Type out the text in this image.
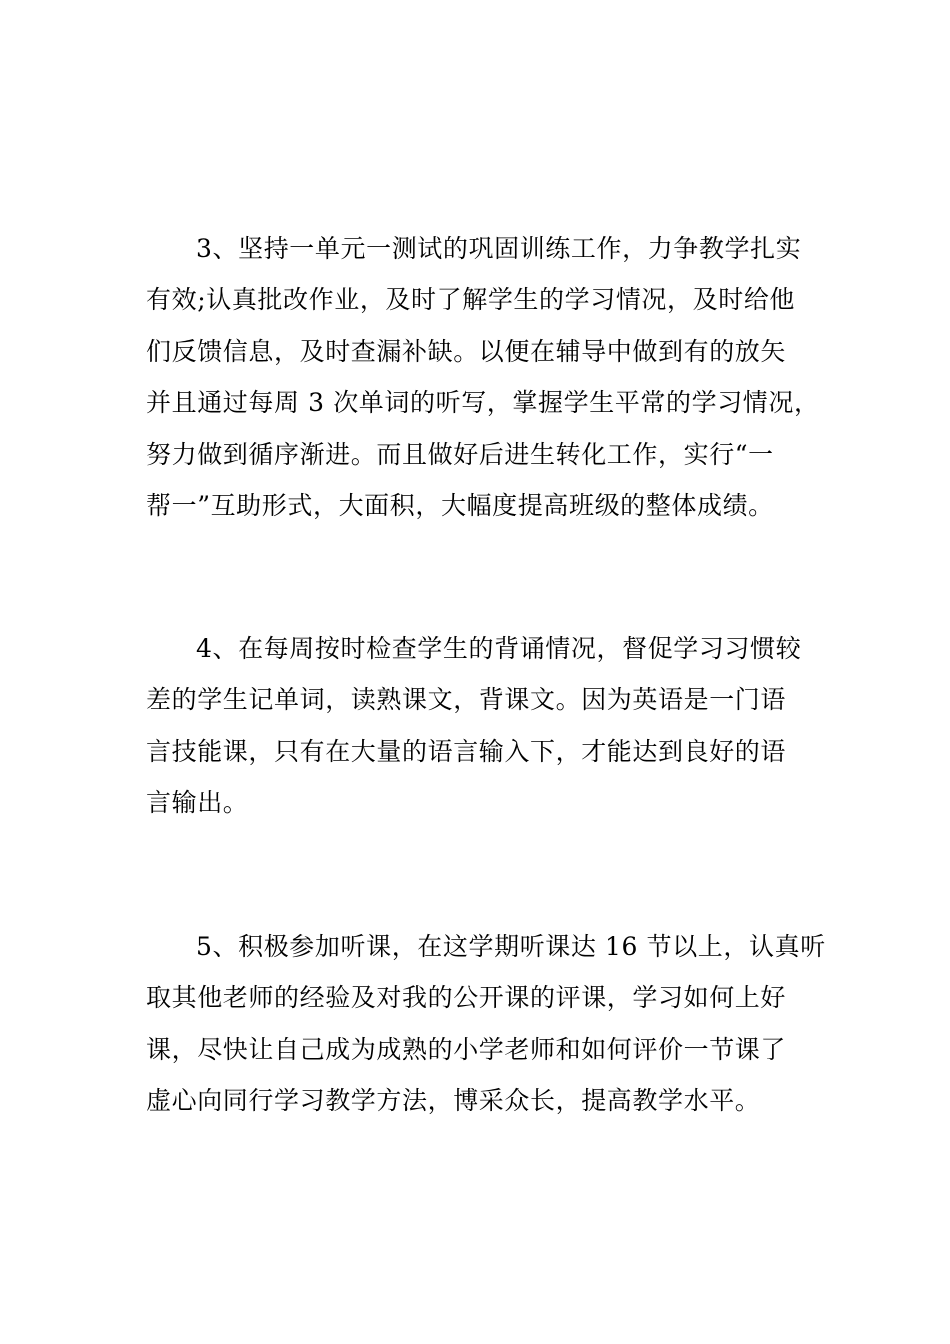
3、坚持一单元一测试的巩固训练工作，力争教学扎实
有效;认真批改作业，及时了解学生的学习情况，及时给他
们反馈信息，及时查漏补缺。以便在辅导中做到有的放矢
并且通过每周 3 次单词的听写，掌握学生平常的学习情况，
努力做到循序渐进。而且做好后进生转化工作，实行“一
帮一”互助形式，大面积，大幅度提高班级的整体成绩。
4、在每周按时检查学生的背诵情况，督促学习习惯较
差的学生记单词，读熟课文，背课文。因为英语是一门语
言技能课，只有在大量的语言输入下，才能达到良好的语
言输出。
5、积极参加听课，在这学期听课达 16 节以上，认真听
取其他老师的经验及对我的公开课的评课，学习如何上好
课，尽快让自己成为成熟的小学老师和如何评价一节课了
虚心向同行学习教学方法，博采众长，提高教学水平。
